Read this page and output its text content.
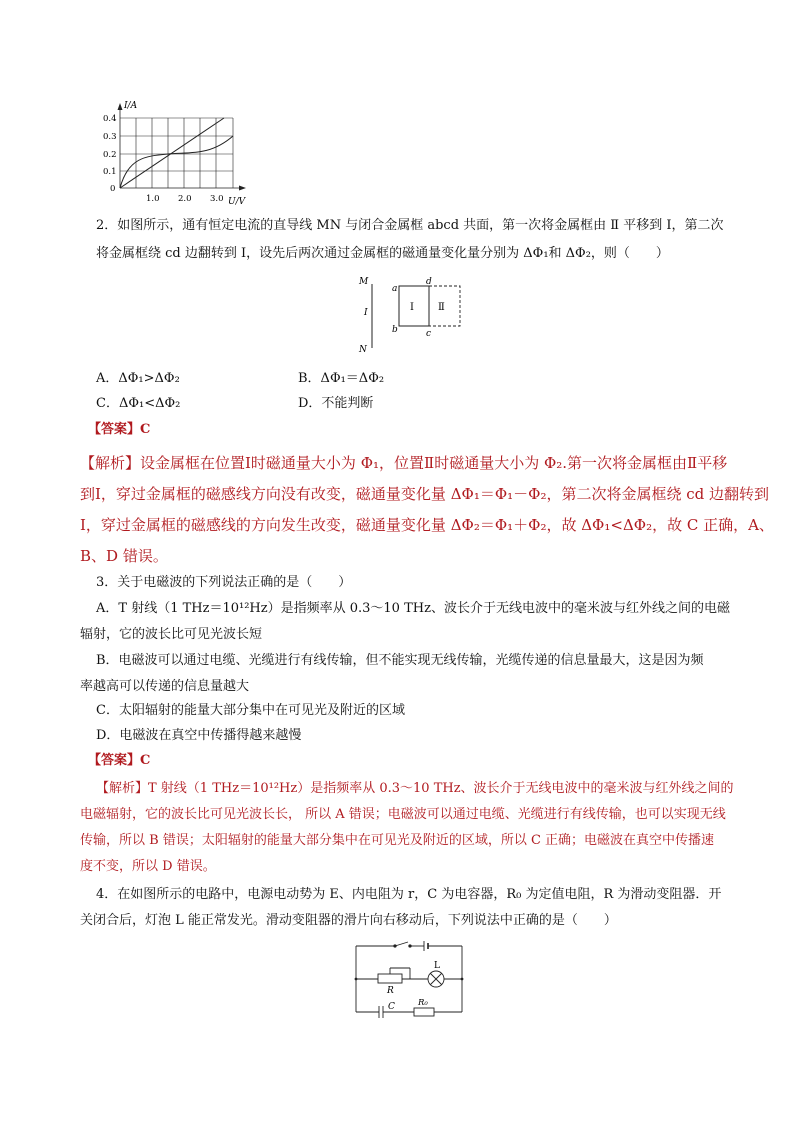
I/A
U/V
0.4
0.3
0.2
0.1
0
1.0 2.0 3.0
2．如图所示，通有恒定电流的直导线 MN 与闭合金属框 abcd 共面，第一次将金属框由 Ⅱ 平移到 Ⅰ，第二次
将金属框绕 cd 边翻转到 Ⅰ，设先后两次通过金属框的磁通量变化量分别为 ΔΦ₁和 ΔΦ₂，则（　　）
M
I
N
a
d
b	c
Ⅰ Ⅱ
A．ΔΦ₁>ΔΦ₂	B．ΔΦ₁＝ΔΦ₂
C．ΔΦ₁<ΔΦ₂	D．不能判断
【答案】C
【解析】设金属框在位置Ⅰ时磁通量大小为 Φ₁，位置Ⅱ时磁通量大小为 Φ₂.第一次将金属框由Ⅱ平移
到Ⅰ，穿过金属框的磁感线方向没有改变，磁通量变化量 ΔΦ₁＝Φ₁－Φ₂，第二次将金属框绕 cd 边翻转到
Ⅰ，穿过金属框的磁感线的方向发生改变，磁通量变化量 ΔΦ₂＝Φ₁＋Φ₂，故 ΔΦ₁<ΔΦ₂，故 C 正确，A、
B、D 错误。
3．关于电磁波的下列说法正确的是（　　）
A．T 射线（1 THz＝10¹²Hz）是指频率从 0.3～10 THz、波长介于无线电波中的毫米波与红外线之间的电磁
辐射，它的波长比可见光波长短
B．电磁波可以通过电缆、光缆进行有线传输，但不能实现无线传输，光缆传递的信息量最大，这是因为频
率越高可以传递的信息量越大
C．太阳辐射的能量大部分集中在可见光及附近的区域
D．电磁波在真空中传播得越来越慢
【答案】C
【解析】T 射线（1 THz＝10¹²Hz）是指频率从 0.3～10 THz、波长介于无线电波中的毫米波与红外线之间的
电磁辐射，它的波长比可见光波长长， 所以 A 错误；电磁波可以通过电缆、光缆进行有线传输，也可以实现无线
传输，所以 B 错误；太阳辐射的能量大部分集中在可见光及附近的区域，所以 C 正确；电磁波在真空中传播速
度不变，所以 D 错误。
4．在如图所示的电路中，电源电动势为 E、内电阻为 r，C 为电容器，R₀ 为定值电阻，R 为滑动变阻器．开
关闭合后，灯泡 L 能正常发光。滑动变阻器的滑片向右移动后，下列说法中正确的是（　　）
L
R
C	R₀
